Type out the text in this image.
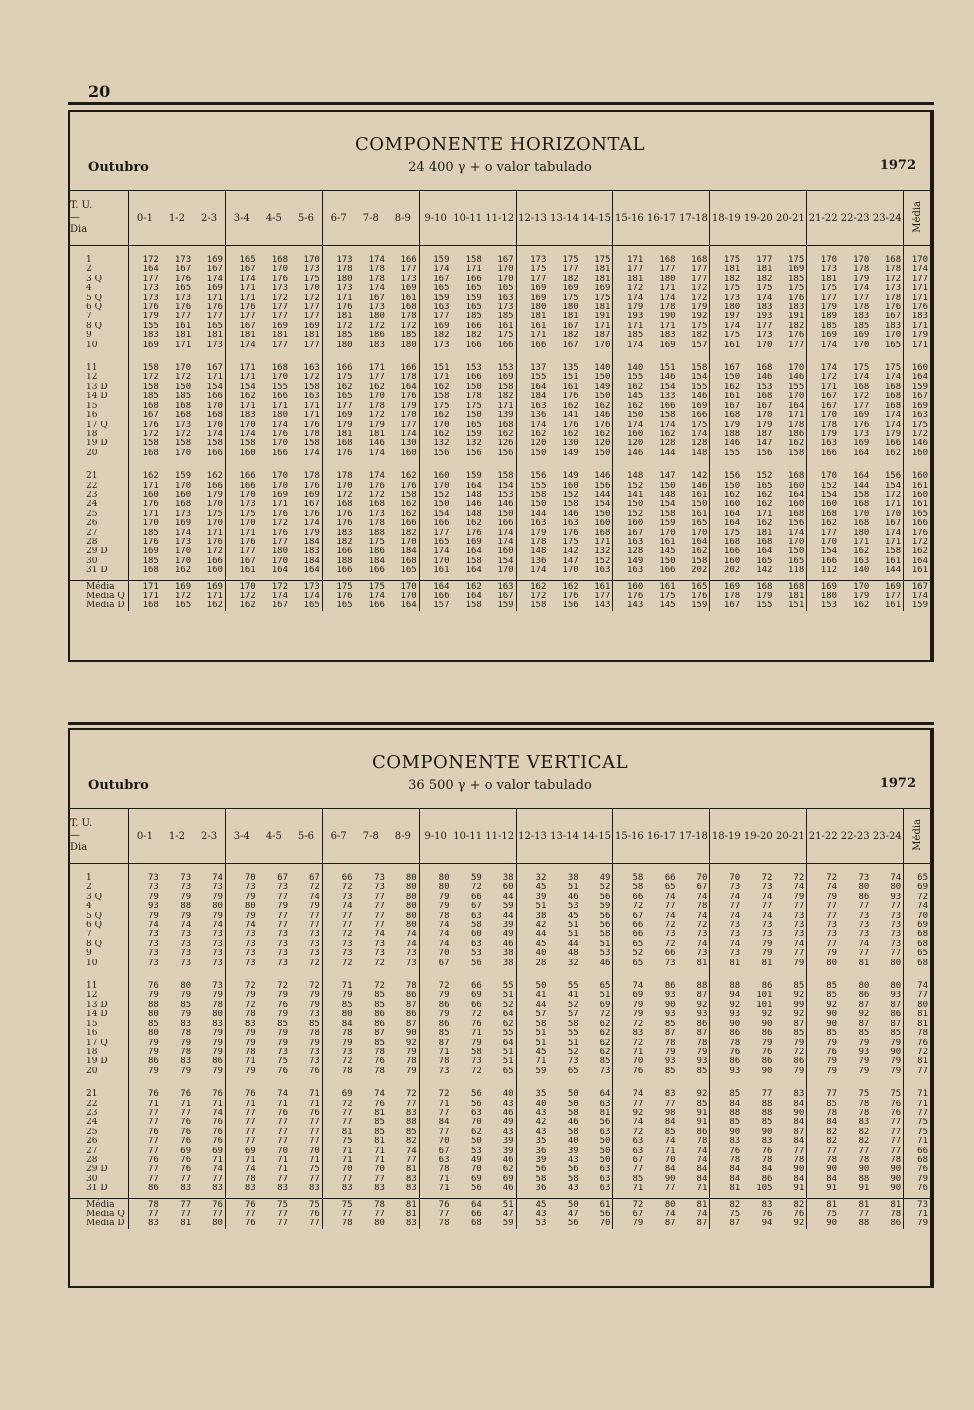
20
COMPONENTE HORIZONTAL
Outubro	24 400 γ + o valor tabulado	1972
T. U.
—
Dia	0-1	1-2	2-3	3-4	4-5	5-6	6-7	7-8	8-9	9-10	10-11	11-12	12-13	13-14	14-15	15-16	16-17	17-18	18-19	19-20	20-21	21-22	22-23	23-24	Média
1	172	173	169	165	168	170	173	174	166	159	158	167	173	175	175	171	168	168	175	177	175	170	170	168	170
2	164	167	167	167	170	173	178	178	177	174	171	170	175	177	181	177	177	177	181	181	169	173	178	178	174
3 Q	177	176	174	174	176	175	180	178	173	167	166	170	177	182	181	181	180	177	182	182	185	181	179	172	177
4	173	165	169	171	173	170	173	174	169	165	165	165	169	169	169	172	171	172	175	175	175	175	174	173	171
5 Q	173	173	171	171	172	172	171	167	161	159	159	163	169	175	175	174	174	172	173	174	176	177	177	178	171
6 Q	176	176	176	176	177	177	176	173	168	163	165	173	180	180	181	179	178	179	180	183	183	179	178	176	176
7	179	177	177	177	177	177	181	180	178	177	185	185	181	181	191	193	190	192	197	193	191	189	183	167	183
8 Q	155	161	165	167	169	169	172	172	172	169	166	161	161	167	171	171	171	175	174	177	182	185	185	183	171
9	183	181	181	181	181	181	185	186	185	182	182	175	171	182	187	185	183	182	175	173	176	169	169	170	179
10	169	171	173	174	177	177	180	183	180	173	166	166	166	167	170	174	169	157	161	170	177	174	170	165	171
11	158	170	167	171	168	163	166	171	166	151	153	153	137	135	140	140	151	158	167	168	170	174	175	175	160
12	172	172	171	171	170	172	175	177	178	171	166	169	155	151	150	155	146	154	150	146	146	172	174	174	164
13 D	158	150	154	154	155	158	162	162	164	162	150	158	164	161	149	162	154	155	162	153	155	171	168	168	159
14 D	185	185	166	162	166	163	165	170	176	158	178	182	184	176	150	145	133	146	161	168	170	167	172	168	167
15	168	168	170	171	171	171	177	178	179	175	175	171	163	162	162	162	166	169	167	167	164	167	177	168	169
16	167	168	168	183	180	171	169	172	170	162	150	139	136	141	146	150	158	166	168	170	171	170	169	174	163
17 Q	176	173	170	170	174	176	179	179	177	170	165	168	174	176	176	174	174	175	179	179	178	178	176	174	175
18	172	172	174	174	176	178	181	181	174	162	159	162	162	162	162	160	162	174	188	187	186	179	173	179	172
19 D	158	158	158	158	170	158	168	146	130	132	132	126	120	130	120	120	128	128	146	147	162	163	169	166	146
20	168	170	166	160	166	174	176	174	160	156	156	156	150	149	150	146	144	148	155	156	158	166	164	162	160
21	162	159	162	166	170	178	178	174	162	160	159	158	156	149	146	148	147	142	156	152	168	170	164	156	160
22	171	170	166	166	170	176	170	176	176	170	164	154	155	160	156	152	150	146	150	165	160	152	144	154	161
23	160	160	179	170	169	169	172	172	158	152	148	153	158	152	144	141	148	161	162	162	164	154	158	172	160
24	176	168	170	173	171	167	168	168	162	150	146	146	150	158	154	150	154	150	160	162	160	160	168	171	161
25	171	173	175	175	176	176	176	173	162	154	148	150	144	146	150	152	158	161	164	171	168	168	170	170	165
26	170	169	170	170	172	174	176	178	166	166	162	166	163	163	160	160	159	165	164	162	156	162	168	167	166
27	185	174	171	171	176	179	183	188	182	177	176	174	179	176	168	167	170	170	175	181	174	177	180	174	176
28	176	173	176	176	177	184	182	175	170	165	169	174	178	175	171	163	161	164	168	168	170	170	171	171	172
29 D	169	170	172	177	180	183	166	186	184	174	164	160	148	142	132	128	145	162	166	164	150	154	162	158	162
30	185	170	166	167	170	184	188	184	168	170	158	154	136	147	152	149	150	158	160	165	165	166	163	161	164
31 D	168	162	160	161	164	164	166	166	165	161	164	170	174	170	163	163	166	202	202	142	118	112	140	144	161
Média	171	169	169	170	172	173	175	175	170	164	162	163	162	162	161	160	161	165	169	168	168	169	170	169	167
Média Q	171	172	171	172	174	174	176	174	170	166	164	167	172	176	177	176	175	176	178	179	181	180	179	177	174
Média D	168	165	162	162	167	165	165	166	164	157	158	159	158	156	143	143	145	159	167	155	151	153	162	161	159
COMPONENTE VERTICAL
Outubro	36 500 γ + o valor tabulado	1972
T. U.
—
Dia	0-1	1-2	2-3	3-4	4-5	5-6	6-7	7-8	8-9	9-10	10-11	11-12	12-13	13-14	14-15	15-16	16-17	17-18	18-19	19-20	20-21	21-22	22-23	23-24	Média
1	73	73	74	70	67	67	66	73	80	80	59	38	32	38	49	58	66	70	70	72	72	72	73	74	65
2	73	73	73	73	73	72	72	73	80	80	72	60	45	51	52	58	65	67	73	73	74	74	80	80	69
3 Q	79	79	79	79	77	74	73	77	80	79	66	44	39	46	56	66	74	74	74	74	79	79	86	93	72
4	93	88	80	80	79	79	74	77	80	79	67	59	51	53	59	72	77	78	77	77	77	77	77	77	74
5 Q	79	79	79	79	77	77	77	77	80	78	63	44	38	45	56	67	74	74	74	74	73	77	73	73	70
6 Q	74	74	74	74	77	77	77	77	80	74	58	39	42	51	56	66	72	72	73	73	73	73	73	73	69
7	73	73	73	73	73	73	72	74	74	74	60	49	44	51	58	66	73	73	73	73	73	73	73	73	68
8 Q	73	73	73	73	73	73	73	73	74	74	63	46	45	44	51	65	72	74	74	79	74	77	74	73	68
9	73	73	73	73	73	73	73	73	73	70	53	38	40	48	53	52	66	73	73	79	77	79	77	77	65
10	73	73	73	73	73	72	72	72	73	67	56	38	28	32	46	65	73	81	81	81	79	80	81	80	68
11	76	80	73	72	72	72	71	72	78	72	66	55	50	55	65	74	86	88	88	86	85	85	80	80	74
12	79	79	79	79	79	79	79	85	86	79	69	51	41	41	51	69	93	87	94	101	92	85	86	93	77
13 D	88	85	78	72	76	79	85	85	87	86	66	52	44	52	69	79	90	92	92	101	99	92	87	87	80
14 D	80	79	80	78	79	73	80	86	86	79	72	64	57	57	72	79	93	93	93	92	92	90	92	86	81
15	85	83	83	83	85	85	84	86	87	86	76	62	58	58	62	72	85	86	90	90	87	90	87	87	81
16	80	78	79	79	79	78	78	87	90	85	71	55	51	55	62	83	87	87	86	86	85	85	85	85	78
17 Q	79	79	79	79	79	79	79	85	92	87	79	64	51	51	62	72	78	78	78	79	79	79	79	79	76
18	79	78	79	78	73	73	73	78	79	71	58	51	45	52	62	71	79	79	76	76	72	76	93	90	72
19 D	86	83	86	71	75	73	72	76	78	78	73	51	71	73	85	70	93	93	86	86	86	79	79	79	81
20	79	79	79	79	76	76	78	78	79	73	72	65	59	65	73	76	85	85	93	90	79	79	79	79	77
21	76	76	76	76	74	71	69	74	72	72	56	40	35	50	64	74	83	92	85	77	83	77	75	75	71
22	71	71	71	71	71	71	72	76	77	71	56	43	40	50	63	77	77	85	84	88	84	85	78	76	71
23	77	77	74	77	76	76	77	81	83	77	63	46	43	58	81	92	98	91	88	88	90	78	78	76	77
24	77	76	76	77	77	77	77	85	88	84	70	49	42	46	56	74	84	91	85	85	84	84	83	77	75
25	76	76	76	77	77	77	81	85	85	77	62	43	43	58	63	72	85	86	90	90	87	82	82	77	75
26	77	76	76	77	77	77	75	81	82	70	50	39	35	40	50	63	74	78	83	83	84	82	82	77	71
27	77	69	69	69	70	70	71	71	74	67	53	39	36	39	50	63	71	74	76	76	77	77	77	77	66
28	76	76	71	71	71	71	71	71	77	63	49	46	39	43	50	67	70	74	78	78	78	78	78	78	68
29 D	77	76	74	74	71	75	70	70	81	78	70	62	56	56	63	77	84	84	84	84	90	90	90	90	76
30	77	77	77	78	77	77	77	77	83	71	69	69	58	58	63	85	90	84	84	86	84	84	88	90	79
31 D	86	83	83	83	83	83	83	83	83	71	56	46	36	43	63	71	77	71	81	105	91	91	91	90	76
Média	78	77	76	76	75	75	75	78	81	76	64	51	45	50	61	72	80	81	82	83	82	81	81	81	73
Média Q	77	77	77	77	77	76	77	77	81	77	66	47	43	47	56	67	74	74	75	76	76	75	77	78	71
Média D	83	81	80	76	77	77	78	80	83	78	68	59	53	56	70	79	87	87	87	94	92	90	88	86	79
